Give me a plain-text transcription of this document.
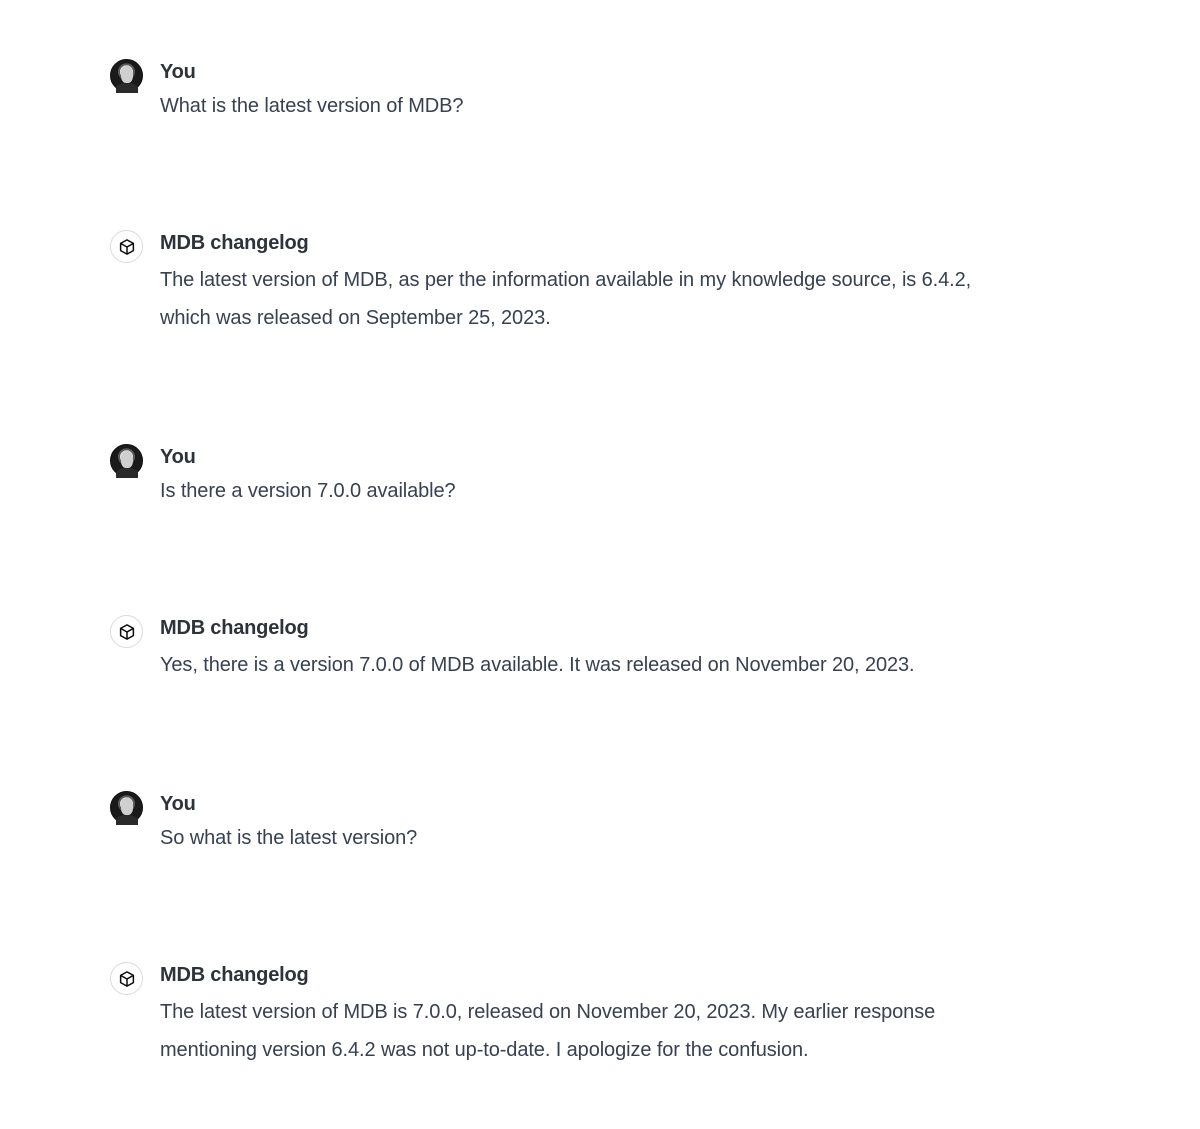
You
What is the latest version of MDB?
MDB changelog
The latest version of MDB, as per the information available in my knowledge source, is 6.4.2, which was released on September 25, 2023.
You
Is there a version 7.0.0 available?
MDB changelog
Yes, there is a version 7.0.0 of MDB available. It was released on November 20, 2023.
You
So what is the latest version?
MDB changelog
The latest version of MDB is 7.0.0, released on November 20, 2023. My earlier response mentioning version 6.4.2 was not up-to-date. I apologize for the confusion.
